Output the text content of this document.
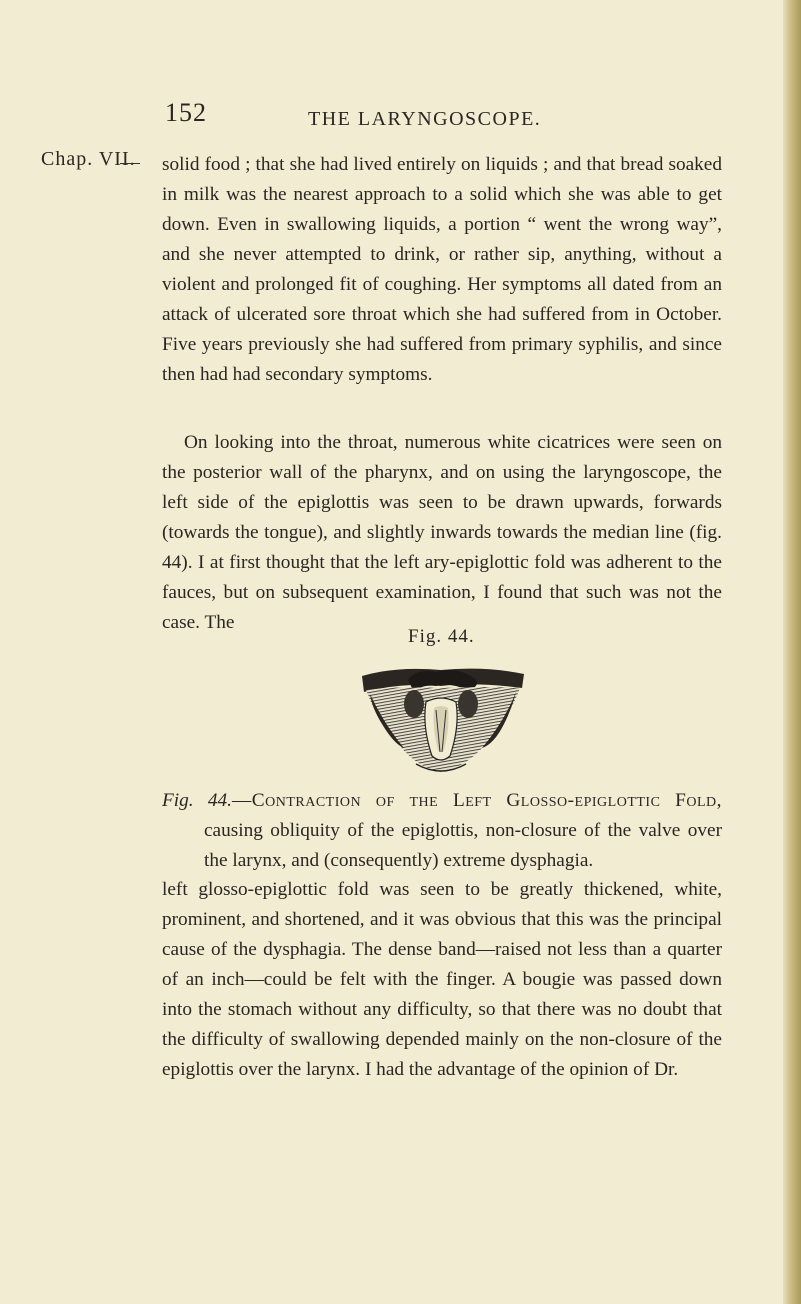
152	THE LARYNGOSCOPE.
Chap. VII. solid food ; that she had lived entirely on liquids ; and that bread soaked in milk was the nearest approach to a solid which she was able to get down. Even in swallowing liquids, a portion “ went the wrong way”, and she never attempted to drink, or rather sip, anything, without a violent and prolonged fit of coughing. Her symptoms all dated from an attack of ulcerated sore throat which she had suffered from in October. Five years previously she had suffered from primary syphilis, and since then had had secondary symptoms.

On looking into the throat, numerous white cicatrices were seen on the posterior wall of the pharynx, and on using the laryngoscope, the left side of the epiglottis was seen to be drawn upwards, forwards (towards the tongue), and slightly inwards towards the median line (fig. 44). I at first thought that the left ary-epiglottic fold was adherent to the fauces, but on subsequent examination, I found that such was not the case. The

Fig. 44.

Fig. 44.—Contraction of the Left Glosso-epiglottic Fold, causing obliquity of the epiglottis, non-closure of the valve over the larynx, and (consequently) extreme dysphagia.

left glosso-epiglottic fold was seen to be greatly thickened, white, prominent, and shortened, and it was obvious that this was the principal cause of the dysphagia. The dense band—raised not less than a quarter of an inch—could be felt with the finger. A bougie was passed down into the stomach without any difficulty, so that there was no doubt that the difficulty of swallowing depended mainly on the non-closure of the epiglottis over the larynx. I had the advantage of the opinion of Dr.
